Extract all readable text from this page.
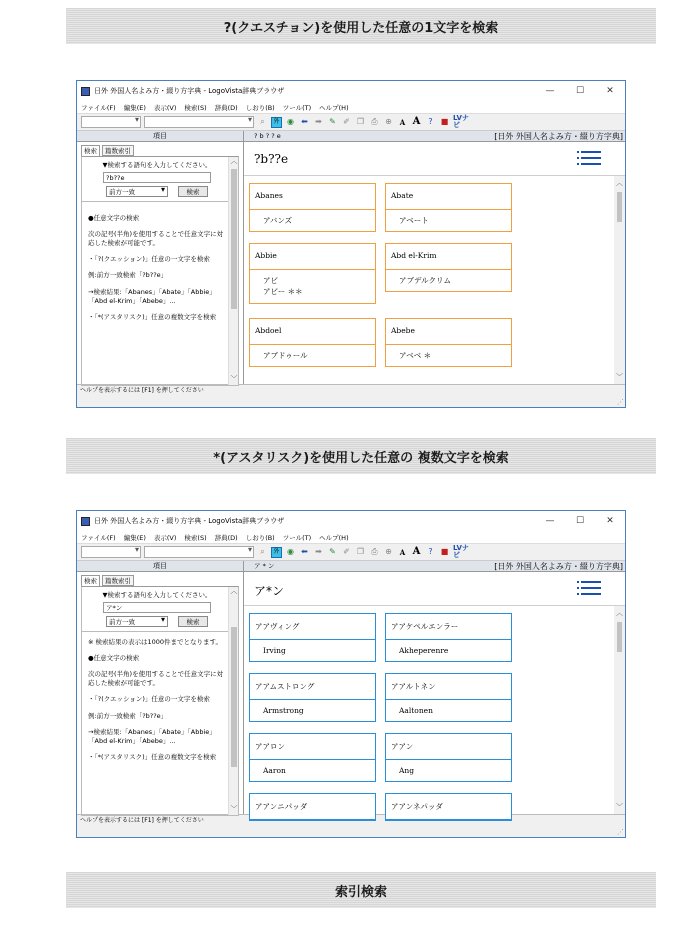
?(クエスチョン)を使用した任意の1文字を検索
日外 外国人名よみ方・綴り方字典 - LogoVista辞典ブラウザ	—	☐	✕
ファイル(F) 編集(E) 表示(V) 検索(S) 辞典(D) しおり(B) ツール(T) ヘルプ(H)
▾
▾
⌕	外 ◉ ⬅ ➡ ✎ ✐ ❐ ⎙ ⊕	A A	?	■ LVナビ
項目
検索	篇数索引
▼検索する語句を入力してください。
?b??e
前方一致 ▾	検索

●任意文字の検索

次の記号(半角)を使用することで任意文字に対応した検索が可能です。

・「?(クエッション)」任意の一文字を検索

例:前方一致検索「?b??e」

→検索結果:「Abanes」「Abate」「Abbie」「Abd el-Krim」「Abebe」...

・「*(アスタリスク)」任意の複数文字を検索

︿
﹀
? b ? ? e	[日外 外国人名よみ方・綴り方字典]
?b??e
Abanes
アバンズ
Abate
アベート
Abbie
アビ
アビー ＊＊
Abd el-Krim
アブデルクリム
Abdoel
アブドゥール
Abebe
アベベ ＊
︿
﹀
ヘルプを表示するには [F1] を押してください
⋰
*(アスタリスク)を使用した任意の 複数文字を検索
日外 外国人名よみ方・綴り方字典 - LogoVista辞典ブラウザ	—	☐	✕
ファイル(F) 編集(E) 表示(V) 検索(S) 辞典(D) しおり(B) ツール(T) ヘルプ(H)
▾
▾
⌕	外 ◉ ⬅ ➡ ✎ ✐ ❐ ⎙ ⊕	A A	?	■ LVナビ
項目
検索	篇数索引
▼検索する語句を入力してください。
ア*ン
前方一致 ▾	検索

※ 検索結果の表示は1000件までとなります。

●任意文字の検索

次の記号(半角)を使用することで任意文字に対応した検索が可能です。

・「?(クエッション)」任意の一文字を検索

例:前方一致検索「?b??e」

→検索結果:「Abanes」「Abate」「Abbie」「Abd el-Krim」「Abebe」...

・「*(アスタリスク)」任意の複数文字を検索

︿
﹀
ア * ン	[日外 外国人名よみ方・綴り方字典]
ア*ン
アアヴィング
Irving
アアケペルエンラー
Akheperenre
アアムストロング
Armstrong
アアルトネン
Aaltonen
アアロン
Aaron
アアン
Ang
アアンニパッダ	アアンネパッダ
︿
﹀
ヘルプを表示するには [F1] を押してください
⋰
索引検索
